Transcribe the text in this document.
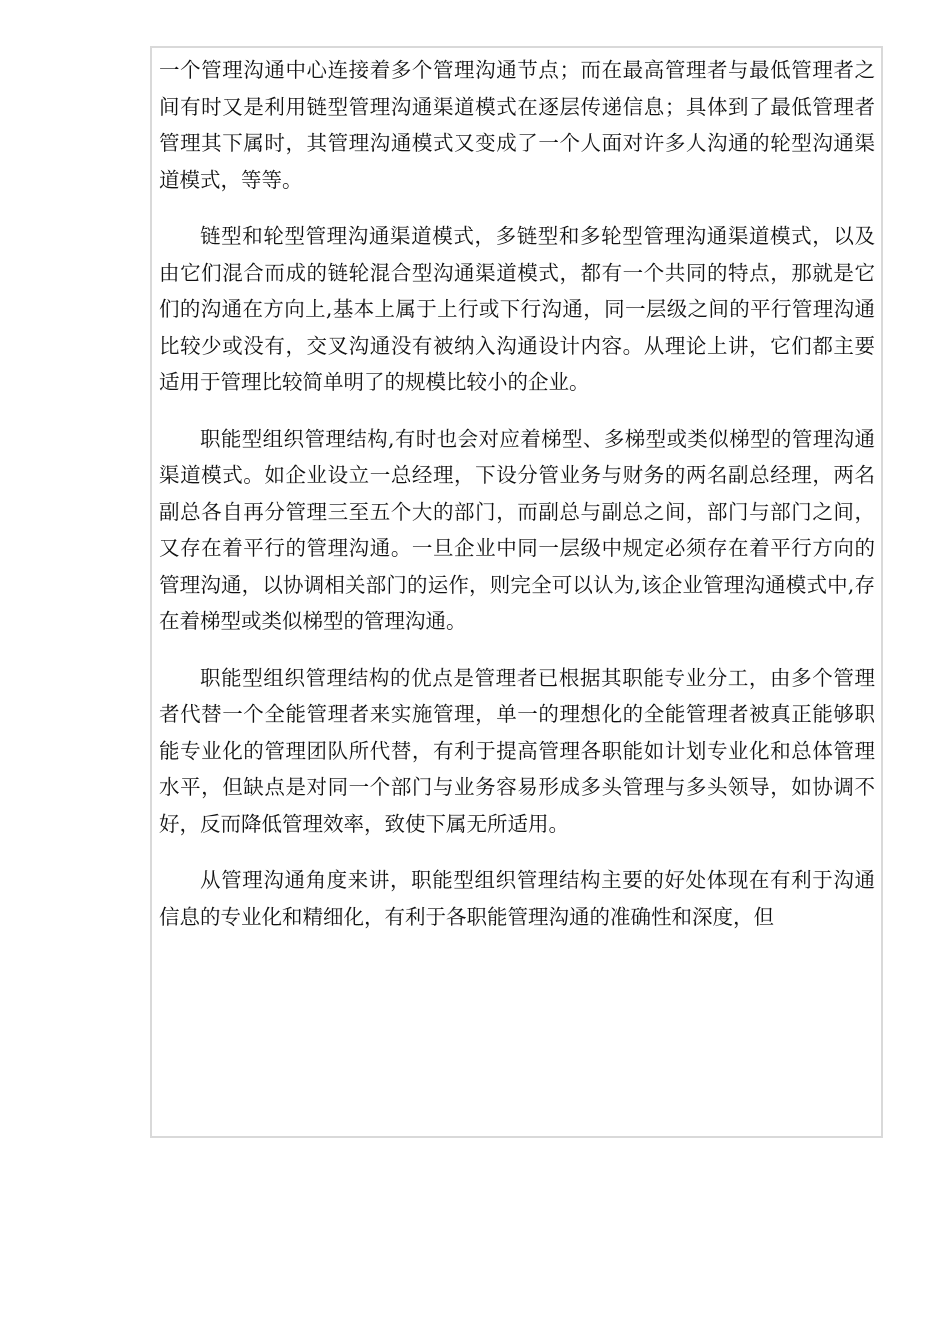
一个管理沟通中心连接着多个管理沟通节点；而在最高管理者与最低管理者之间有时又是利用链型管理沟通渠道模式在逐层传递信息；具体到了最低管理者管理其下属时，其管理沟通模式又变成了一个人面对许多人沟通的轮型沟通渠道模式，等等。

链型和轮型管理沟通渠道模式，多链型和多轮型管理沟通渠道模式，以及由它们混合而成的链轮混合型沟通渠道模式，都有一个共同的特点，那就是它们的沟通在方向上,基本上属于上行或下行沟通，同一层级之间的平行管理沟通比较少或没有，交叉沟通没有被纳入沟通设计内容。从理论上讲，它们都主要适用于管理比较简单明了的规模比较小的企业。

职能型组织管理结构,有时也会对应着梯型、多梯型或类似梯型的管理沟通渠道模式。如企业设立一总经理，下设分管业务与财务的两名副总经理，两名副总各自再分管理三至五个大的部门，而副总与副总之间，部门与部门之间，又存在着平行的管理沟通。一旦企业中同一层级中规定必须存在着平行方向的管理沟通，以协调相关部门的运作，则完全可以认为,该企业管理沟通模式中,存在着梯型或类似梯型的管理沟通。

职能型组织管理结构的优点是管理者已根据其职能专业分工，由多个管理者代替一个全能管理者来实施管理，单一的理想化的全能管理者被真正能够职能专业化的管理团队所代替，有利于提高管理各职能如计划专业化和总体管理水平，但缺点是对同一个部门与业务容易形成多头管理与多头领导，如协调不好，反而降低管理效率，致使下属无所适用。

从管理沟通角度来讲，职能型组织管理结构主要的好处体现在有利于沟通信息的专业化和精细化，有利于各职能管理沟通的准确性和深度，但
